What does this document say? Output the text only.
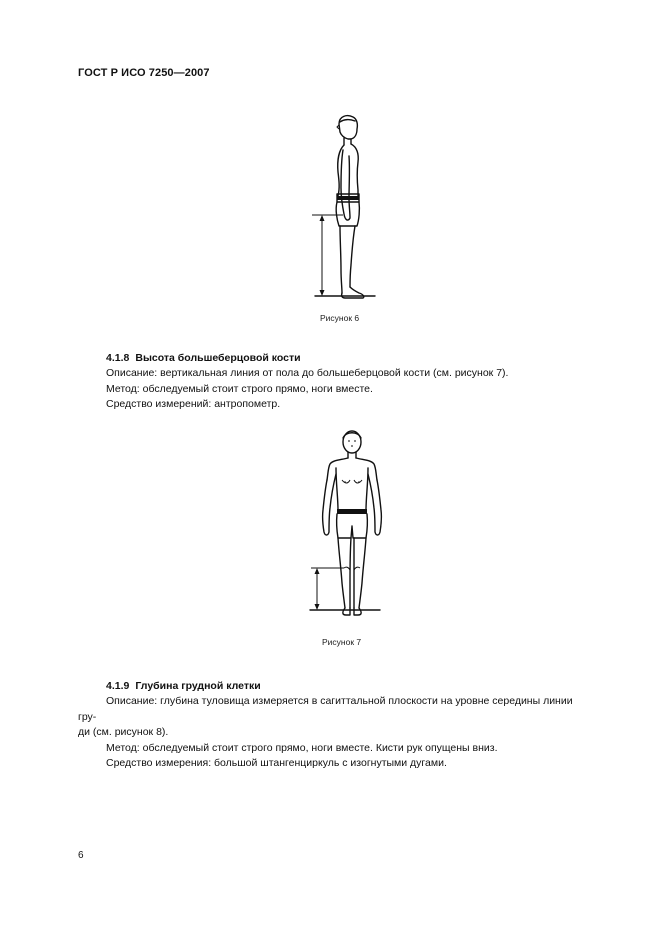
ГОСТ Р ИСО 7250—2007
Рисунок 6
4.1.8 Высота большеберцовой кости

Описание: вертикальная линия от пола до большеберцовой кости (см. рисунок 7).

Метод: обследуемый стоит строго прямо, ноги вместе.

Средство измерений: антропометр.

Рисунок 7
4.1.9 Глубина грудной клетки

Описание: глубина туловища измеряется в сагиттальной плоскости на уровне середины линии гру-

ди (см. рисунок 8).

Метод: обследуемый стоит строго прямо, ноги вместе. Кисти рук опущены вниз.

Средство измерения: большой штангенциркуль с изогнутыми дугами.

6
